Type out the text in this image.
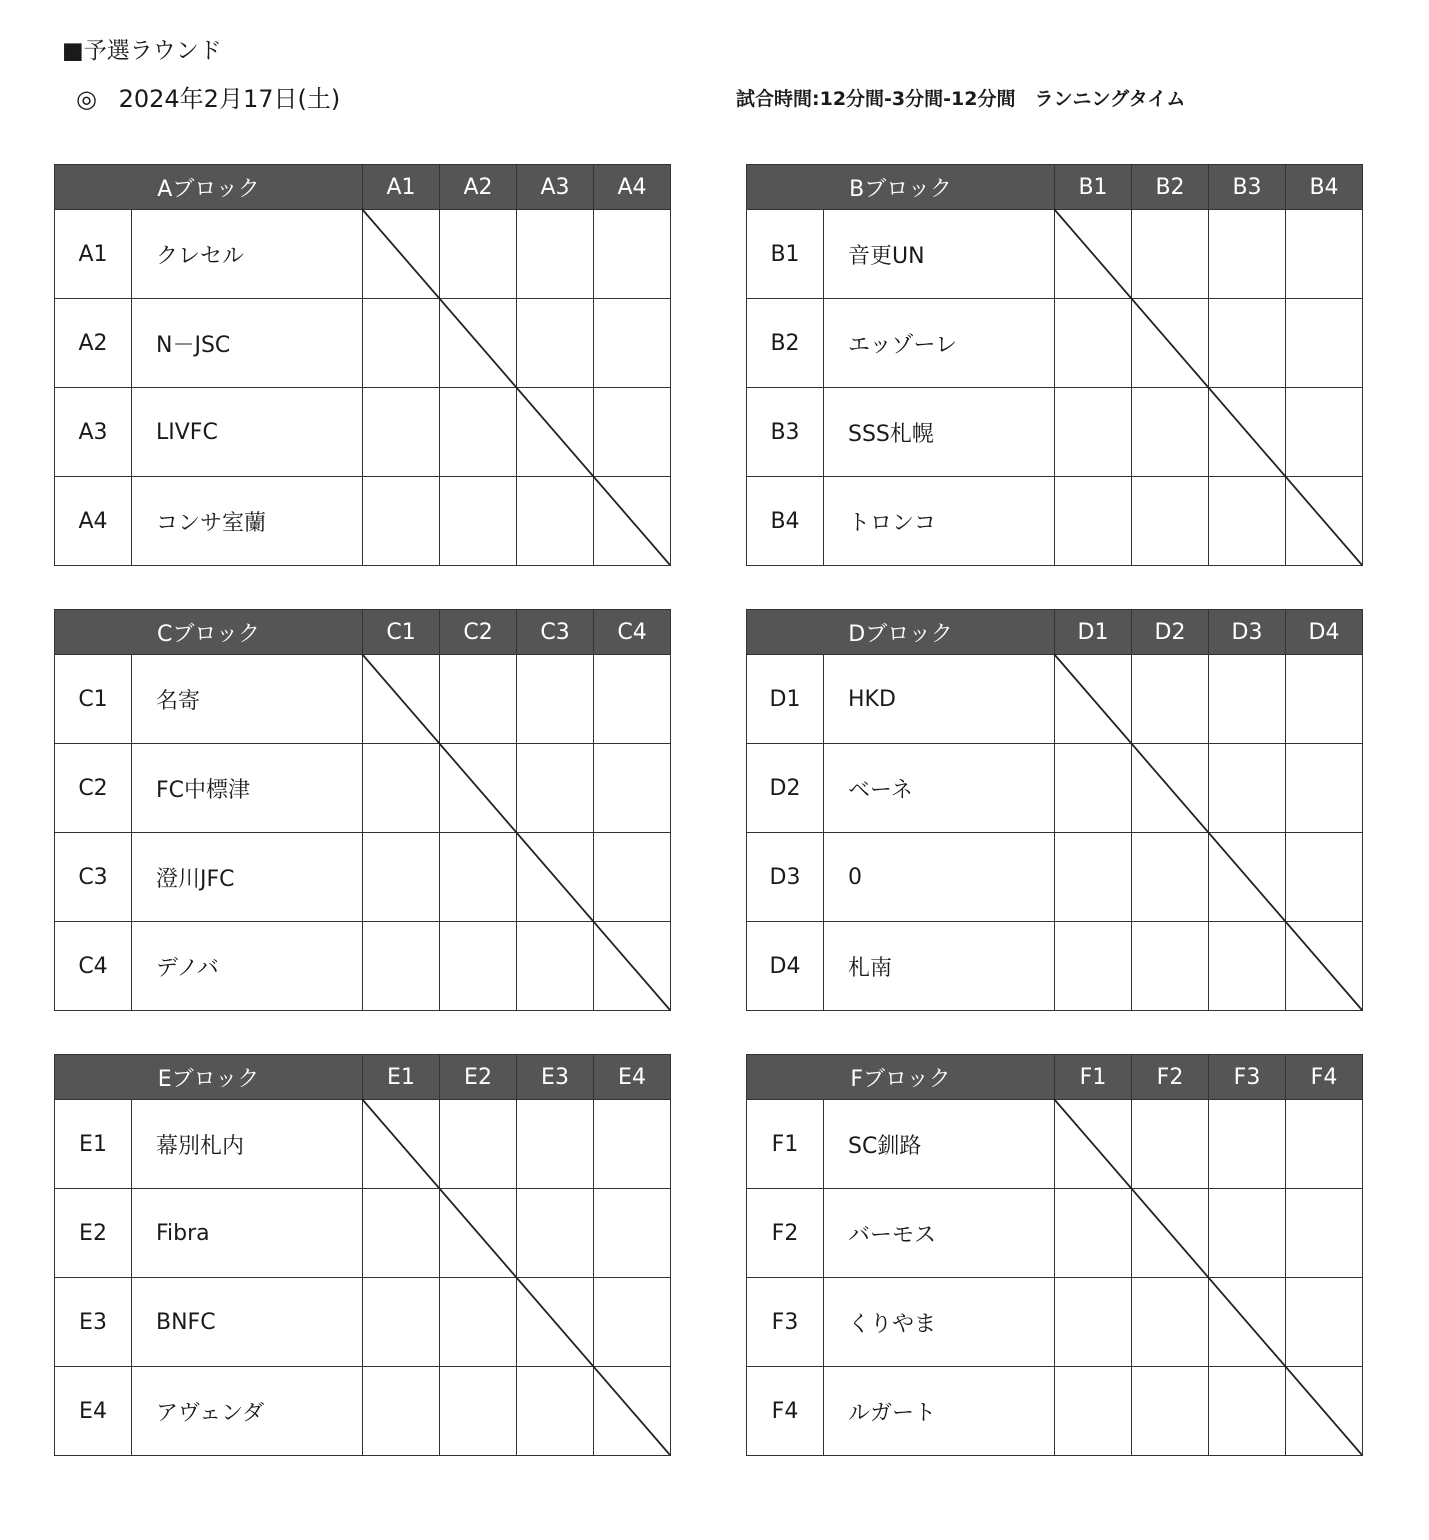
■予選ラウンド
◎ 2024年2月17日(土)	試合時間:12分間-3分間-12分間　ランニングタイム
Aブロック		A1	A2	A3	A4
A1	クレセル				
A2	N－JSC				
A3	LIVFC				
A4	コンサ室蘭				
Bブロック		B1	B2	B3	B4
B1	音更UN				
B2	エッゾーレ				
B3	SSS札幌				
B4	トロンコ				
Cブロック		C1	C2	C3	C4
C1	名寄				
C2	FC中標津				
C3	澄川JFC				
C4	デノバ				
Dブロック		D1	D2	D3	D4
D1	HKD				
D2	ベーネ				
D3	0				
D4	札南				
Eブロック		E1	E2	E3	E4
E1	幕別札内				
E2	Fibra				
E3	BNFC				
E4	アヴェンダ				
Fブロック		F1	F2	F3	F4
F1	SC釧路				
F2	バーモス				
F3	くりやま				
F4	ルガート				
